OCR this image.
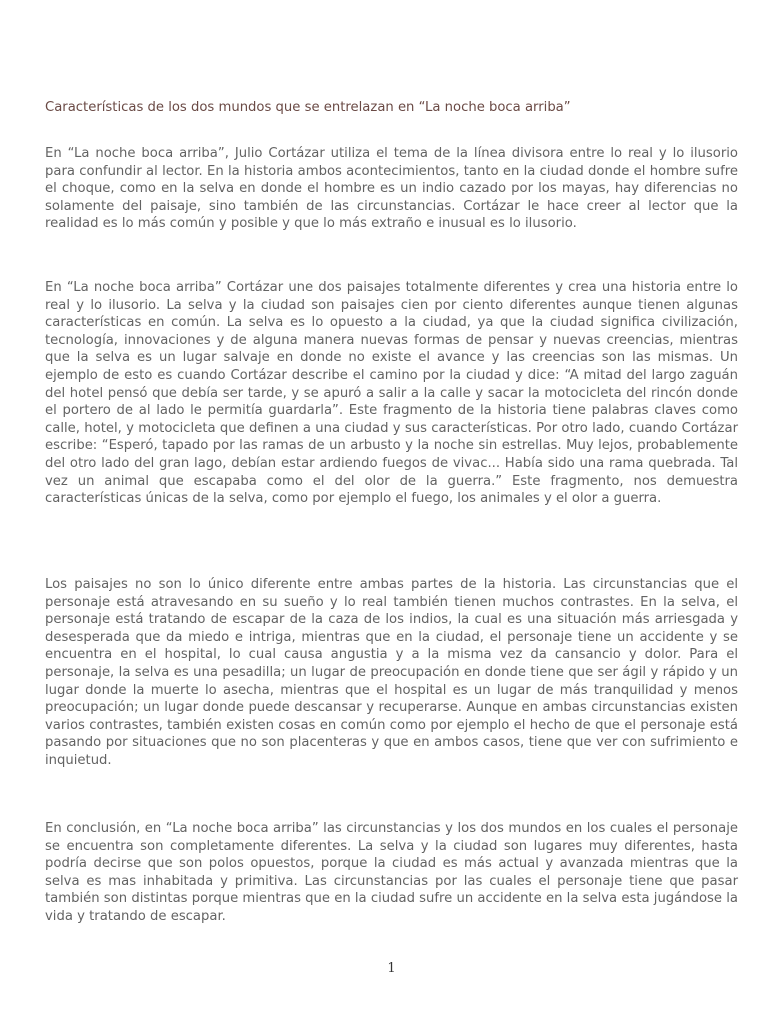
Características de los dos mundos que se entrelazan en “La noche boca arriba”

En “La noche boca arriba”, Julio Cortázar utiliza el tema de la línea divisora entre lo real y lo ilusorio para confundir al lector. En la historia ambos acontecimientos, tanto en la ciudad donde el hombre sufre el choque, como en la selva en donde el hombre es un indio cazado por los mayas, hay diferencias no solamente del paisaje, sino también de las circunstancias. Cortázar le hace creer al lector que la realidad es lo más común y posible y que lo más extraño e inusual es lo ilusorio.

En “La noche boca arriba” Cortázar une dos paisajes totalmente diferentes y crea una historia entre lo real y lo ilusorio. La selva y la ciudad son paisajes cien por ciento diferentes aunque tienen algunas características en común. La selva es lo opuesto a la ciudad, ya que la ciudad significa civilización, tecnología, innovaciones y de alguna manera nuevas formas de pensar y nuevas creencias, mientras que la selva es un lugar salvaje en donde no existe el avance y las creencias son las mismas. Un ejemplo de esto es cuando Cortázar describe el camino por la ciudad y dice: “A mitad del largo zaguán del hotel pensó que debía ser tarde, y se apuró a salir a la calle y sacar la motocicleta del rincón donde el portero de al lado le permitía guardarla”. Este fragmento de la historia tiene palabras claves como calle, hotel, y motocicleta que definen a una ciudad y sus características. Por otro lado, cuando Cortázar escribe: “Esperó, tapado por las ramas de un arbusto y la noche sin estrellas. Muy lejos, probablemente del otro lado del gran lago, debían estar ardiendo fuegos de vivac... Había sido una rama quebrada. Tal vez un animal que escapaba como el del olor de la guerra.” Este fragmento, nos demuestra características únicas de la selva, como por ejemplo el fuego, los animales y el olor a guerra.

Los paisajes no son lo único diferente entre ambas partes de la historia. Las circunstancias que el personaje está atravesando en su sueño y lo real también tienen muchos contrastes. En la selva, el personaje está tratando de escapar de la caza de los indios, la cual es una situación más arriesgada y desesperada que da miedo e intriga, mientras que en la ciudad, el personaje tiene un accidente y se encuentra en el hospital, lo cual causa angustia y a la misma vez da cansancio y dolor. Para el personaje, la selva es una pesadilla; un lugar de preocupación en donde tiene que ser ágil y rápido y un lugar donde la muerte lo asecha, mientras que el hospital es un lugar de más tranquilidad y menos preocupación; un lugar donde puede descansar y recuperarse. Aunque en ambas circunstancias existen varios contrastes, también existen cosas en común como por ejemplo el hecho de que el personaje está pasando por situaciones que no son placenteras y que en ambos casos, tiene que ver con sufrimiento e inquietud.

En conclusión, en “La noche boca arriba” las circunstancias y los dos mundos en los cuales el personaje se encuentra son completamente diferentes. La selva y la ciudad son lugares muy diferentes, hasta podría decirse que son polos opuestos, porque la ciudad es más actual y avanzada mientras que la selva es mas inhabitada y primitiva. Las circunstancias por las cuales el personaje tiene que pasar también son distintas porque mientras que en la ciudad sufre un accidente en la selva esta jugándose la vida y tratando de escapar.

1
